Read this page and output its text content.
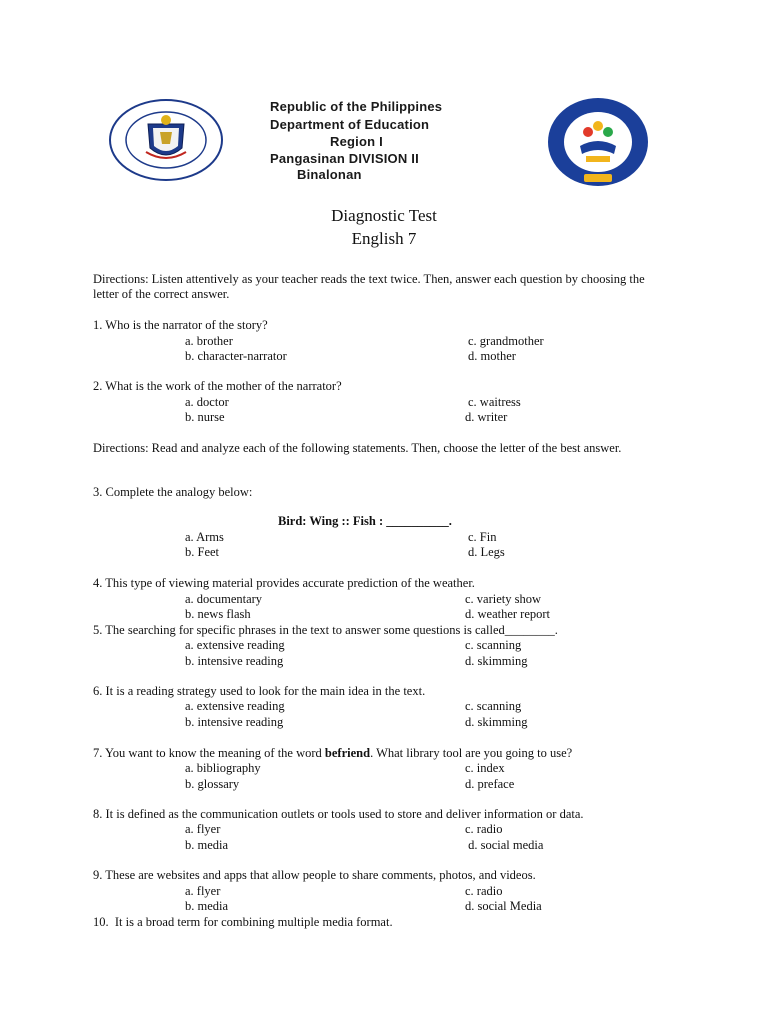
Republic of the Philippines
Department of Education
Region I
Pangasinan DIVISION II
Binalonan
Diagnostic Test
English 7
Directions: Listen attentively as your teacher reads the text twice. Then, answer each question by choosing the letter of the correct answer.
1. Who is the narrator of the story?
a. brother
b. character-narrator
c. grandmother
d. mother
2. What is the work of the mother of the narrator?
a. doctor
b. nurse
c. waitress
d. writer
Directions: Read and analyze each of the following statements. Then, choose the letter of the best answer.
3. Complete the analogy below:
Bird: Wing :: Fish : __________.
a. Arms
b. Feet
c. Fin
d. Legs
4. This type of viewing material provides accurate prediction of the weather.
a. documentary
b. news flash
c. variety show
d. weather report
5. The searching for specific phrases in the text to answer some questions is called________.
a. extensive reading
b. intensive reading
c. scanning
d. skimming
6. It is a reading strategy used to look for the main idea in the text.
a. extensive reading
b. intensive reading
c. scanning
d. skimming
7. You want to know the meaning of the word befriend. What library tool are you going to use?
a. bibliography
b. glossary
c. index
d. preface
8. It is defined as the communication outlets or tools used to store and deliver information or data.
a. flyer
b. media
c. radio
d. social media
9. These are websites and apps that allow people to share comments, photos, and videos.
a. flyer
b. media
c. radio
d. social Media
10.  It is a broad term for combining multiple media format.
